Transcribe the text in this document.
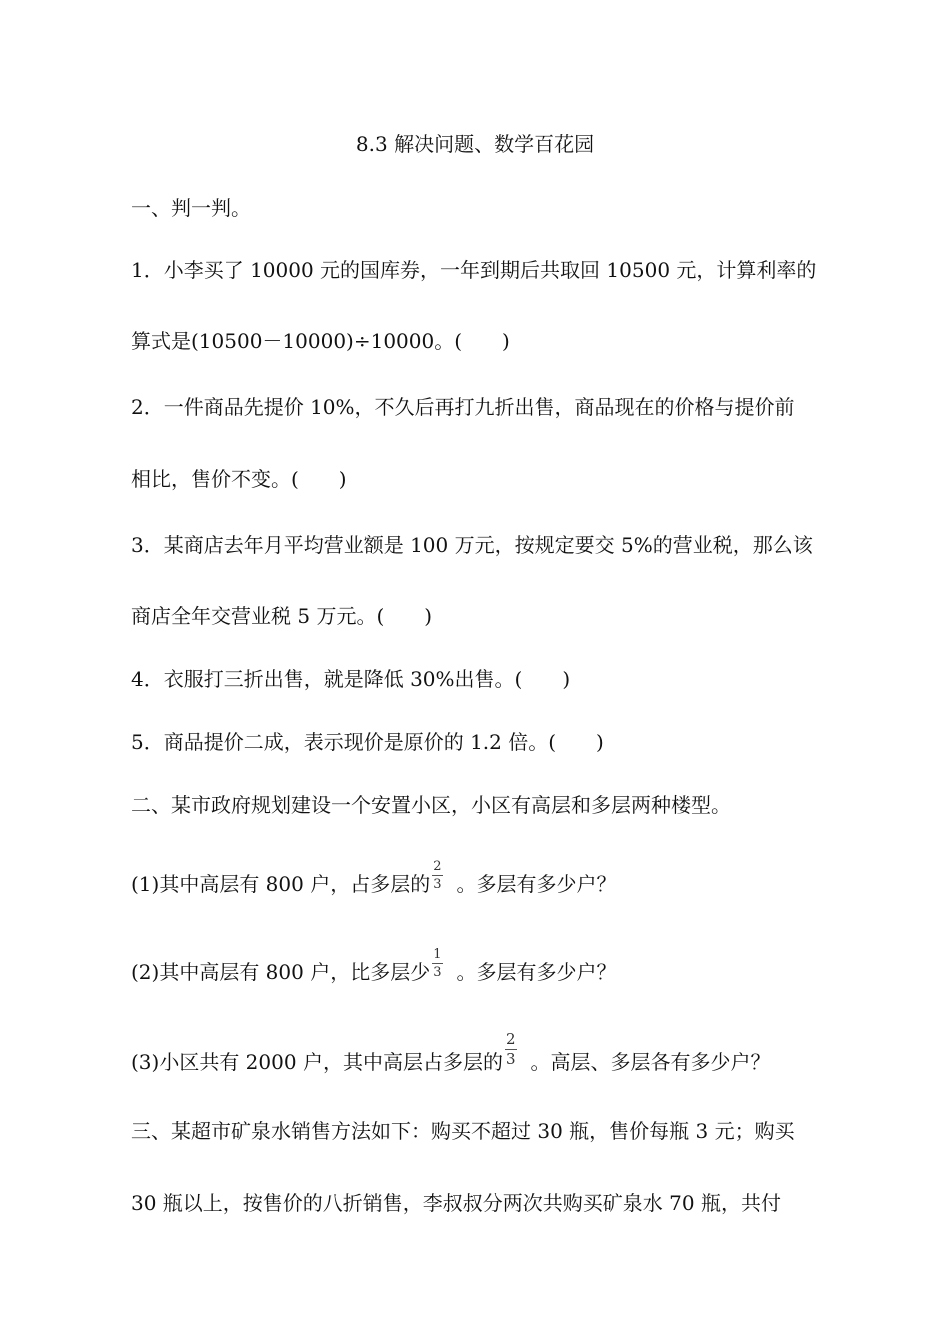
8.3 解决问题、数学百花园
一、判一判。
1．小李买了 10000 元的国库券，一年到期后共取回 10500 元，计算利率的
算式是(10500－10000)÷10000。(　　)
2．一件商品先提价 10%，不久后再打九折出售，商品现在的价格与提价前
相比，售价不变。(　　)
3．某商店去年月平均营业额是 100 万元，按规定要交 5%的营业税，那么该
商店全年交营业税 5 万元。(　　)
4．衣服打三折出售，就是降低 30%出售。(　　)
5．商品提价二成，表示现价是原价的 1.2 倍。(　　)
二、某市政府规划建设一个安置小区，小区有高层和多层两种楼型。
(1)其中高层有 800 户，占多层的 $\frac{2}{3}$ 。多层有多少户？
(2)其中高层有 800 户，比多层少 $\frac{1}{3}$ 。多层有多少户？
(3)小区共有 2000 户，其中高层占多层的 $\frac{2}{3}$ 。高层、多层各有多少户？
三、某超市矿泉水销售方法如下：购买不超过 30 瓶，售价每瓶 3 元；购买
30 瓶以上，按售价的八折销售，李叔叔分两次共购买矿泉水 70 瓶，共付
